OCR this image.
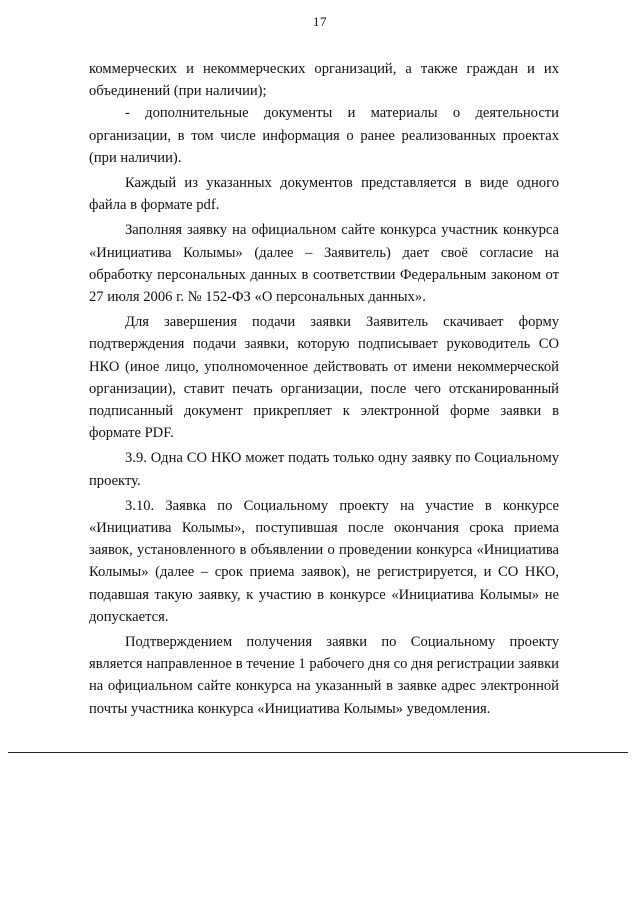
17

коммерческих и некоммерческих организаций, а также граждан и их объединений (при наличии);

- дополнительные документы и материалы о деятельности организации, в том числе информация о ранее реализованных проектах (при наличии).

Каждый из указанных документов представляется в виде одного файла в формате pdf.

Заполняя заявку на официальном сайте конкурса участник конкурса «Инициатива Колымы» (далее – Заявитель) дает своё согласие на обработку персональных данных в соответствии Федеральным законом от 27 июля 2006 г. № 152-ФЗ «О персональных данных».

Для завершения подачи заявки Заявитель скачивает форму подтверждения подачи заявки, которую подписывает руководитель СО НКО (иное лицо, уполномоченное действовать от имени некоммерческой организации), ставит печать организации, после чего отсканированный подписанный документ прикрепляет к электронной форме заявки в формате PDF.

3.9. Одна СО НКО может подать только одну заявку по Социальному проекту.

3.10. Заявка по Социальному проекту на участие в конкурсе «Инициатива Колымы», поступившая после окончания срока приема заявок, установленного в объявлении о проведении конкурса «Инициатива Колымы» (далее – срок приема заявок), не регистрируется, и СО НКО, подавшая такую заявку, к участию в конкурсе «Инициатива Колымы» не допускается.

Подтверждением получения заявки по Социальному проекту является направленное в течение 1 рабочего дня со дня регистрации заявки на официальном сайте конкурса на указанный в заявке адрес электронной почты участника конкурса «Инициатива Колымы» уведомления.
